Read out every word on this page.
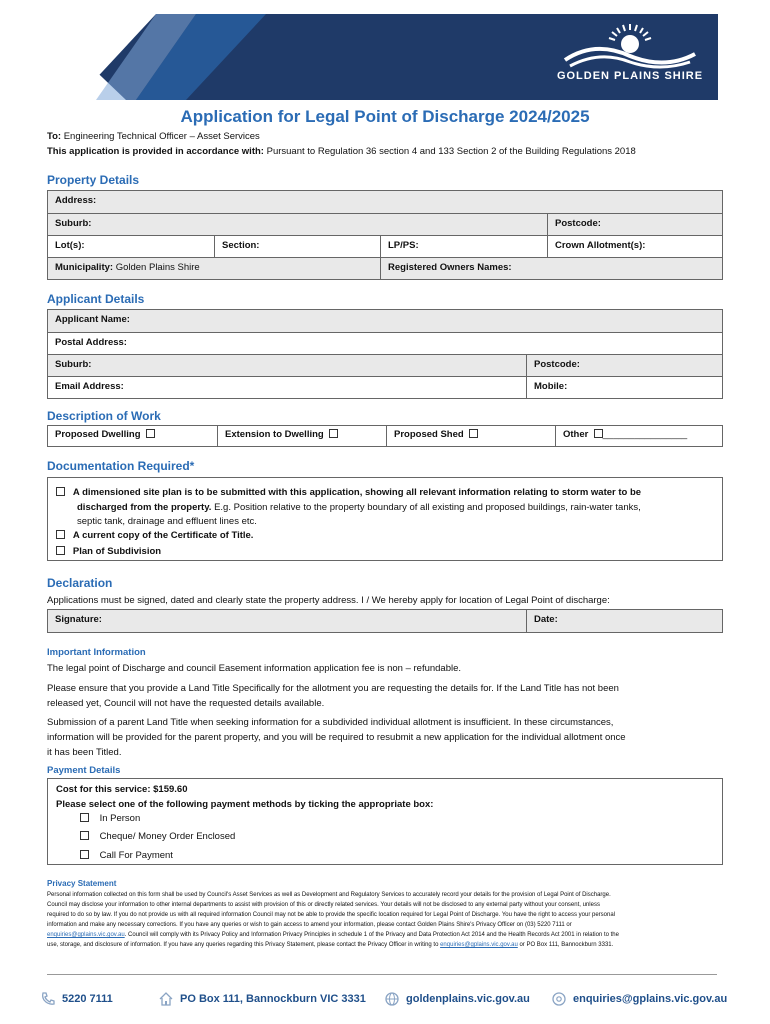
GOLDEN PLAINS SHIRE
Application for Legal Point of Discharge 2024/2025
To: Engineering Technical Officer – Asset Services
This application is provided in accordance with: Pursuant to Regulation 36 section 4 and 133 Section 2 of the Building Regulations 2018
Property Details
Address:
Suburb:	Postcode:
Lot(s):	Section:	LP/PS:	Crown Allotment(s):
Municipality: Golden Plains Shire	Registered Owners Names:
Applicant Details
Applicant Name:
Postal Address:
Suburb:	Postcode:
Email Address:	Mobile:
Description of Work
Proposed Dwelling	Extension to Dwelling	Proposed Shed	Other ________________
Documentation Required*
A dimensioned site plan is to be submitted with this application, showing all relevant information relating to storm water to be
discharged from the property. E.g. Position relative to the property boundary of all existing and proposed buildings, rain-water tanks,
septic tank, drainage and effluent lines etc.
A current copy of the Certificate of Title.
Plan of Subdivision
Declaration
Applications must be signed, dated and clearly state the property address. I / We hereby apply for location of Legal Point of discharge:
Signature:	Date:
Important Information
The legal point of Discharge and council Easement information application fee is non – refundable.
Please ensure that you provide a Land Title Specifically for the allotment you are requesting the details for. If the Land Title has not been
released yet, Council will not have the requested details available.
Submission of a parent Land Title when seeking information for a subdivided individual allotment is insufficient. In these circumstances,
information will be provided for the parent property, and you will be required to resubmit a new application for the individual allotment once
it has been Titled.
Payment Details
Cost for this service: $159.60
Please select one of the following payment methods by ticking the appropriate box:
In Person
Cheque/ Money Order Enclosed
Call For Payment
Privacy Statement
Personal information collected on this form shall be used by Council's Asset Services as well as Development and Regulatory Services to accurately record your details for the provision of Legal Point of Discharge.
Council may disclose your information to other internal departments to assist with provision of this or directly related services. Your details will not be disclosed to any external party without your consent, unless
required to do so by law. If you do not provide us with all required information Council may not be able to provide the specific location required for Legal Point of Discharge. You have the right to access your personal
information and make any necessary corrections. If you have any queries or wish to gain access to amend your information, please contact Golden Plains Shire's Privacy Officer on (03) 5220 7111 or
enquiries@gplains.vic.gov.au. Council will comply with its Privacy Policy and Information Privacy Principles in schedule 1 of the Privacy and Data Protection Act 2014 and the Health Records Act 2001 in relation to the
use, storage, and disclosure of information. If you have any queries regarding this Privacy Statement, please contact the Privacy Officer in writing to enquiries@gplains.vic.gov.au or PO Box 111, Bannockburn 3331.
5220 7111	PO Box 111, Bannockburn VIC 3331	goldenplains.vic.gov.au	enquiries@gplains.vic.gov.au
